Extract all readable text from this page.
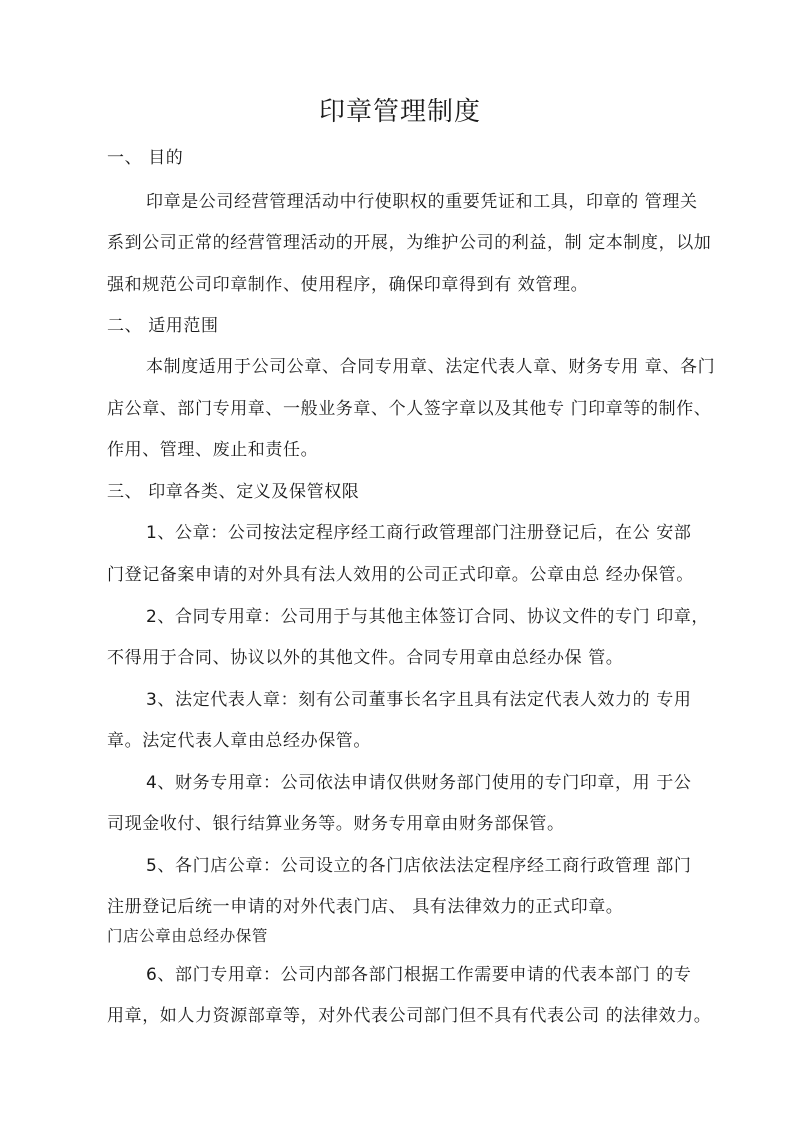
印章管理制度
一、 目的
印章是公司经营管理活动中行使职权的重要凭证和工具，印章的 管理关
系到公司正常的经营管理活动的开展，为维护公司的利益，制 定本制度，以加
强和规范公司印章制作、使用程序，确保印章得到有 效管理。
二、 适用范围
本制度适用于公司公章、合同专用章、法定代表人章、财务专用 章、各门
店公章、部门专用章、一般业务章、个人签字章以及其他专 门印章等的制作、
作用、管理、废止和责任。
三、 印章各类、定义及保管权限
1、公章：公司按法定程序经工商行政管理部门注册登记后，在公 安部
门登记备案申请的对外具有法人效用的公司正式印章。公章由总 经办保管。
2、合同专用章：公司用于与其他主体签订合同、协议文件的专门 印章，
不得用于合同、协议以外的其他文件。合同专用章由总经办保 管。
3、法定代表人章：刻有公司董事长名字且具有法定代表人效力的 专用
章。法定代表人章由总经办保管。
4、财务专用章：公司依法申请仅供财务部门使用的专门印章，用 于公
司现金收付、银行结算业务等。财务专用章由财务部保管。
5、各门店公章：公司设立的各门店依法法定程序经工商行政管理 部门
注册登记后统一申请的对外代表门店、 具有法律效力的正式印章。
门店公章由总经办保管
6、部门专用章：公司内部各部门根据工作需要申请的代表本部门 的专
用章，如人力资源部章等，对外代表公司部门但不具有代表公司 的法律效力。
